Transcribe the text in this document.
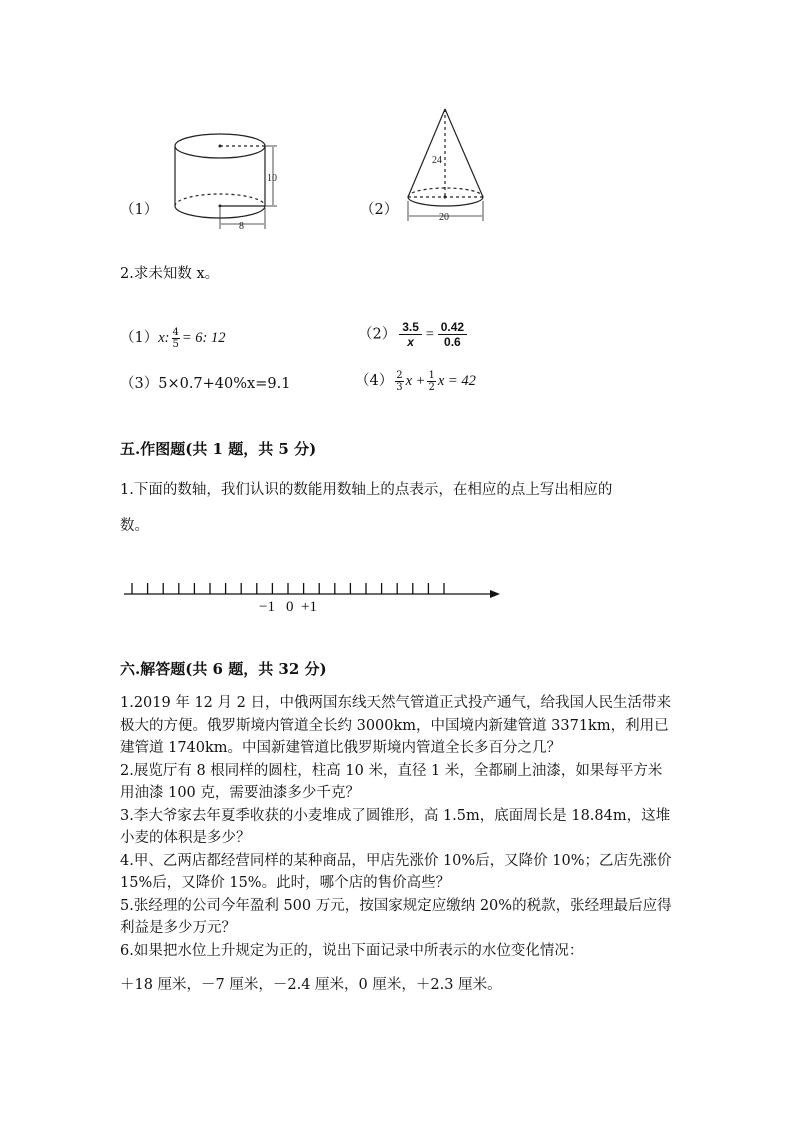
（1）
10
8
（2）
24
20
2.求未知数 x。
（1）x: $\frac{4}{5} = 6$: 12	$(2) \frac{3.5}{x} = \frac{0.42}{0.6}$
（3）5×0.7+40%x=9.1	$(4) \frac{2}{3}$ $x + \frac{1}{2}$ x = 42
五.作图题(共 1 题，共 5 分)
1.下面的数轴，我们认识的数能用数轴上的点表示，在相应的点上写出相应的
数。
−1 0 +1
六.解答题(共 6 题，共 32 分)
1.2019 年 12 月 2 日，中俄两国东线天然气管道正式投产通气，给我国人民生活带来极大的方便。俄罗斯境内管道全长约 3000km，中国境内新建管道 3371km，利用已建管道 1740km。中国新建管道比俄罗斯境内管道全长多百分之几？
2.展览厅有 8 根同样的圆柱，柱高 10 米，直径 1 米，全都刷上油漆，如果每平方米用油漆 100 克，需要油漆多少千克？
3.李大爷家去年夏季收获的小麦堆成了圆锥形，高 1.5m，底面周长是 18.84m，这堆小麦的体积是多少？
4.甲、乙两店都经营同样的某种商品，甲店先涨价 10%后，又降价 10%；乙店先涨价 15%后，又降价 15%。此时，哪个店的售价高些？
5.张经理的公司今年盈利 500 万元，按国家规定应缴纳 20%的税款，张经理最后应得利益是多少万元？
6.如果把水位上升规定为正的，说出下面记录中所表示的水位变化情况：
＋18 厘米，－7 厘米，－2.4 厘米，0 厘米，＋2.3 厘米。
